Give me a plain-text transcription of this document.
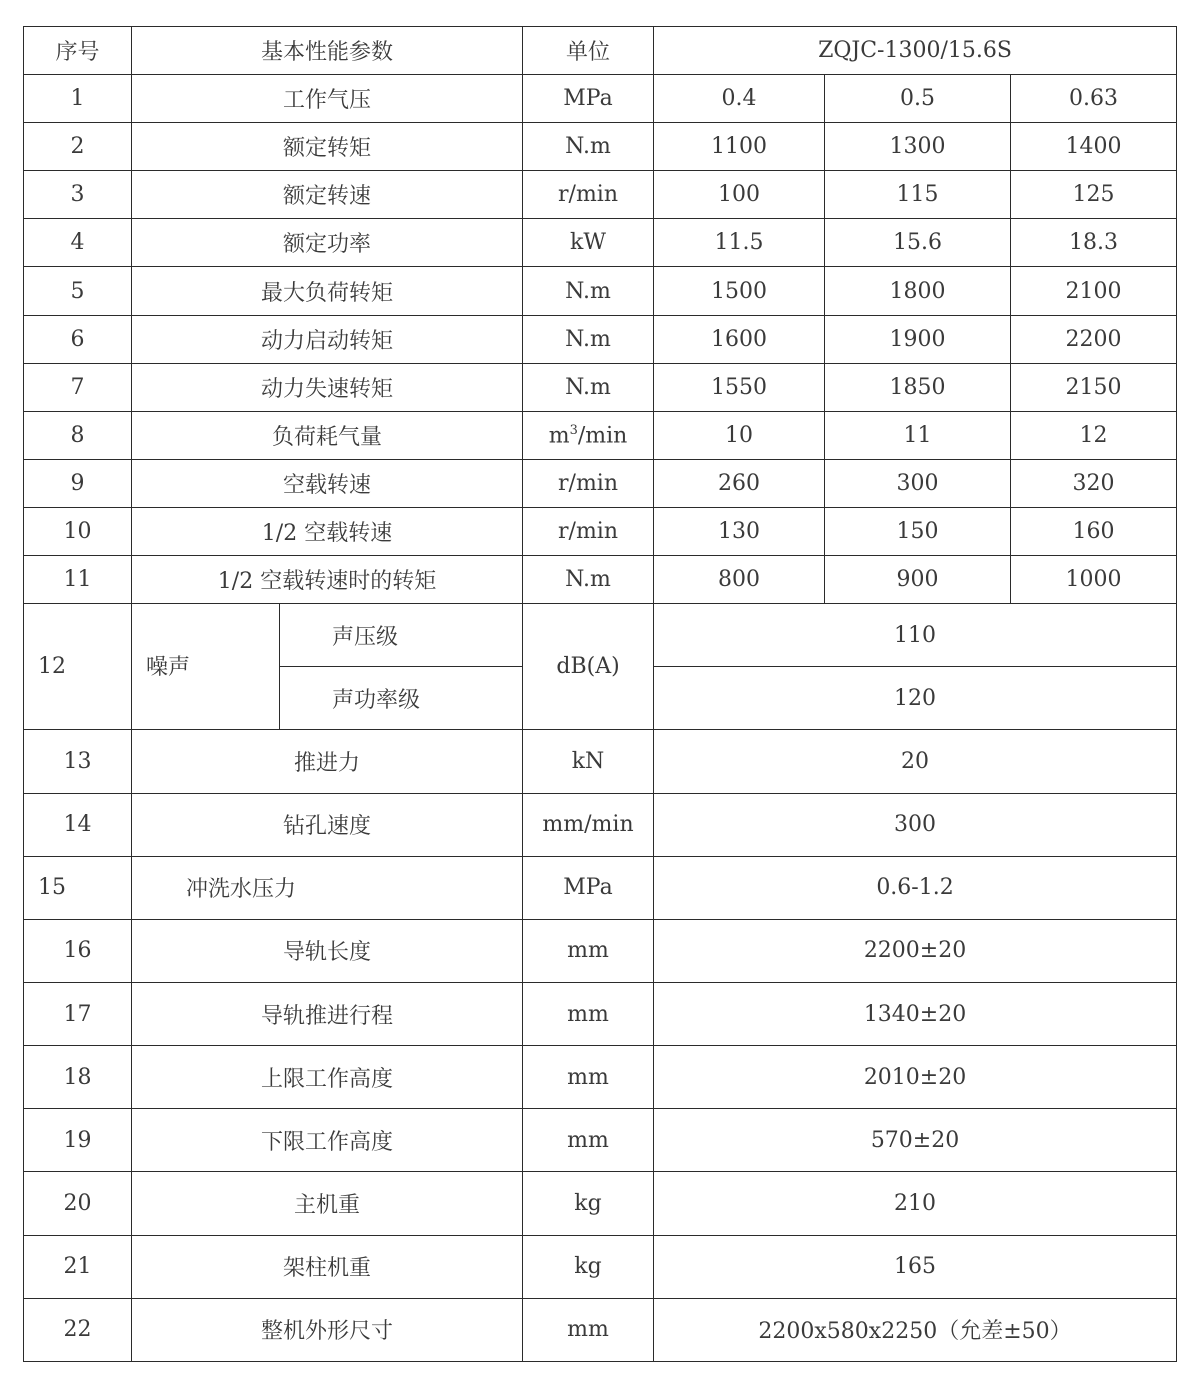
序号	基本性能参数		单位	ZQJC-1300/15.6S		
1	工作气压		MPa	0.4	0.5	0.63
2	额定转矩		N.m	1100	1300	1400
3	额定转速		r/min	100	115	125
4	额定功率		kW	11.5	15.6	18.3
5	最大负荷转矩		N.m	1500	1800	2100
6	动力启动转矩		N.m	1600	1900	2200
7	动力失速转矩		N.m	1550	1850	2150
8	负荷耗气量		$m^3/\min$	10	11	12
9	空载转速		r/min	260	300	320
10	1/2 空载转速		r/min	130	150	160
11	1/2 空载转速时的转矩		N.m	800	900	1000
12	噪声	声压级	dB(A)	110		
		声功率级		120		
13	推进力		kN	20		
14	钻孔速度		mm/min	300		
15	冲洗水压力		MPa	0.6-1.2		
16	导轨长度		mm	2200±20		
17	导轨推进行程		mm	1340±20		
18	上限工作高度		mm	2010±20		
19	下限工作高度		mm	570±20		
20	主机重		kg	210		
21	架柱机重		kg	165		
22	整机外形尺寸		mm	2200x580x2250（允差±50）		
